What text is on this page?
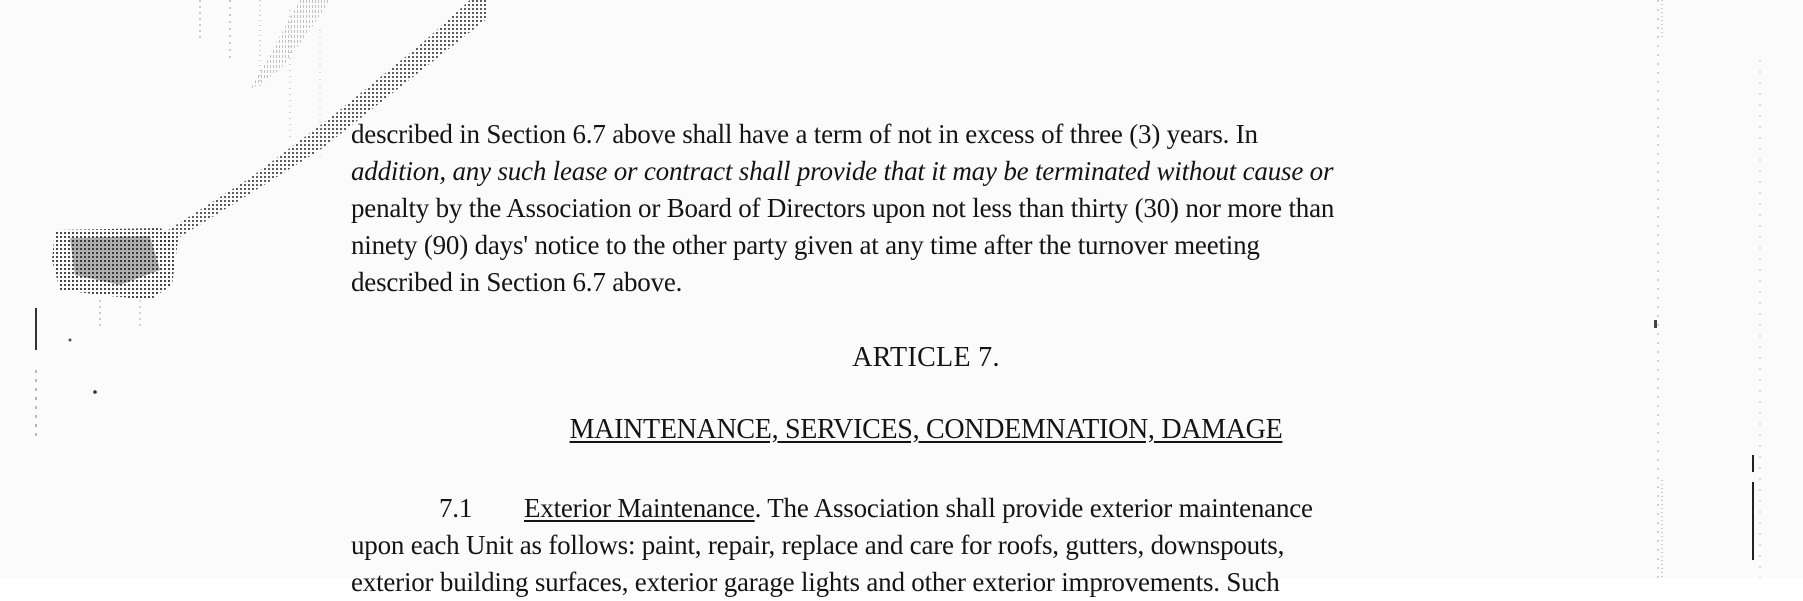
described in Section 6.7 above shall have a term of not in excess of three (3) years. In
addition, any such lease or contract shall provide that it may be terminated without cause or
penalty by the Association or Board of Directors upon not less than thirty (30) nor more than
ninety (90) days' notice to the other party given at any time after the turnover meeting
described in Section 6.7 above.
ARTICLE 7.
MAINTENANCE, SERVICES, CONDEMNATION, DAMAGE
7.1 Exterior Maintenance. The Association shall provide exterior maintenance
upon each Unit as follows: paint, repair, replace and care for roofs, gutters, downspouts,
exterior building surfaces, exterior garage lights and other exterior improvements. Such
